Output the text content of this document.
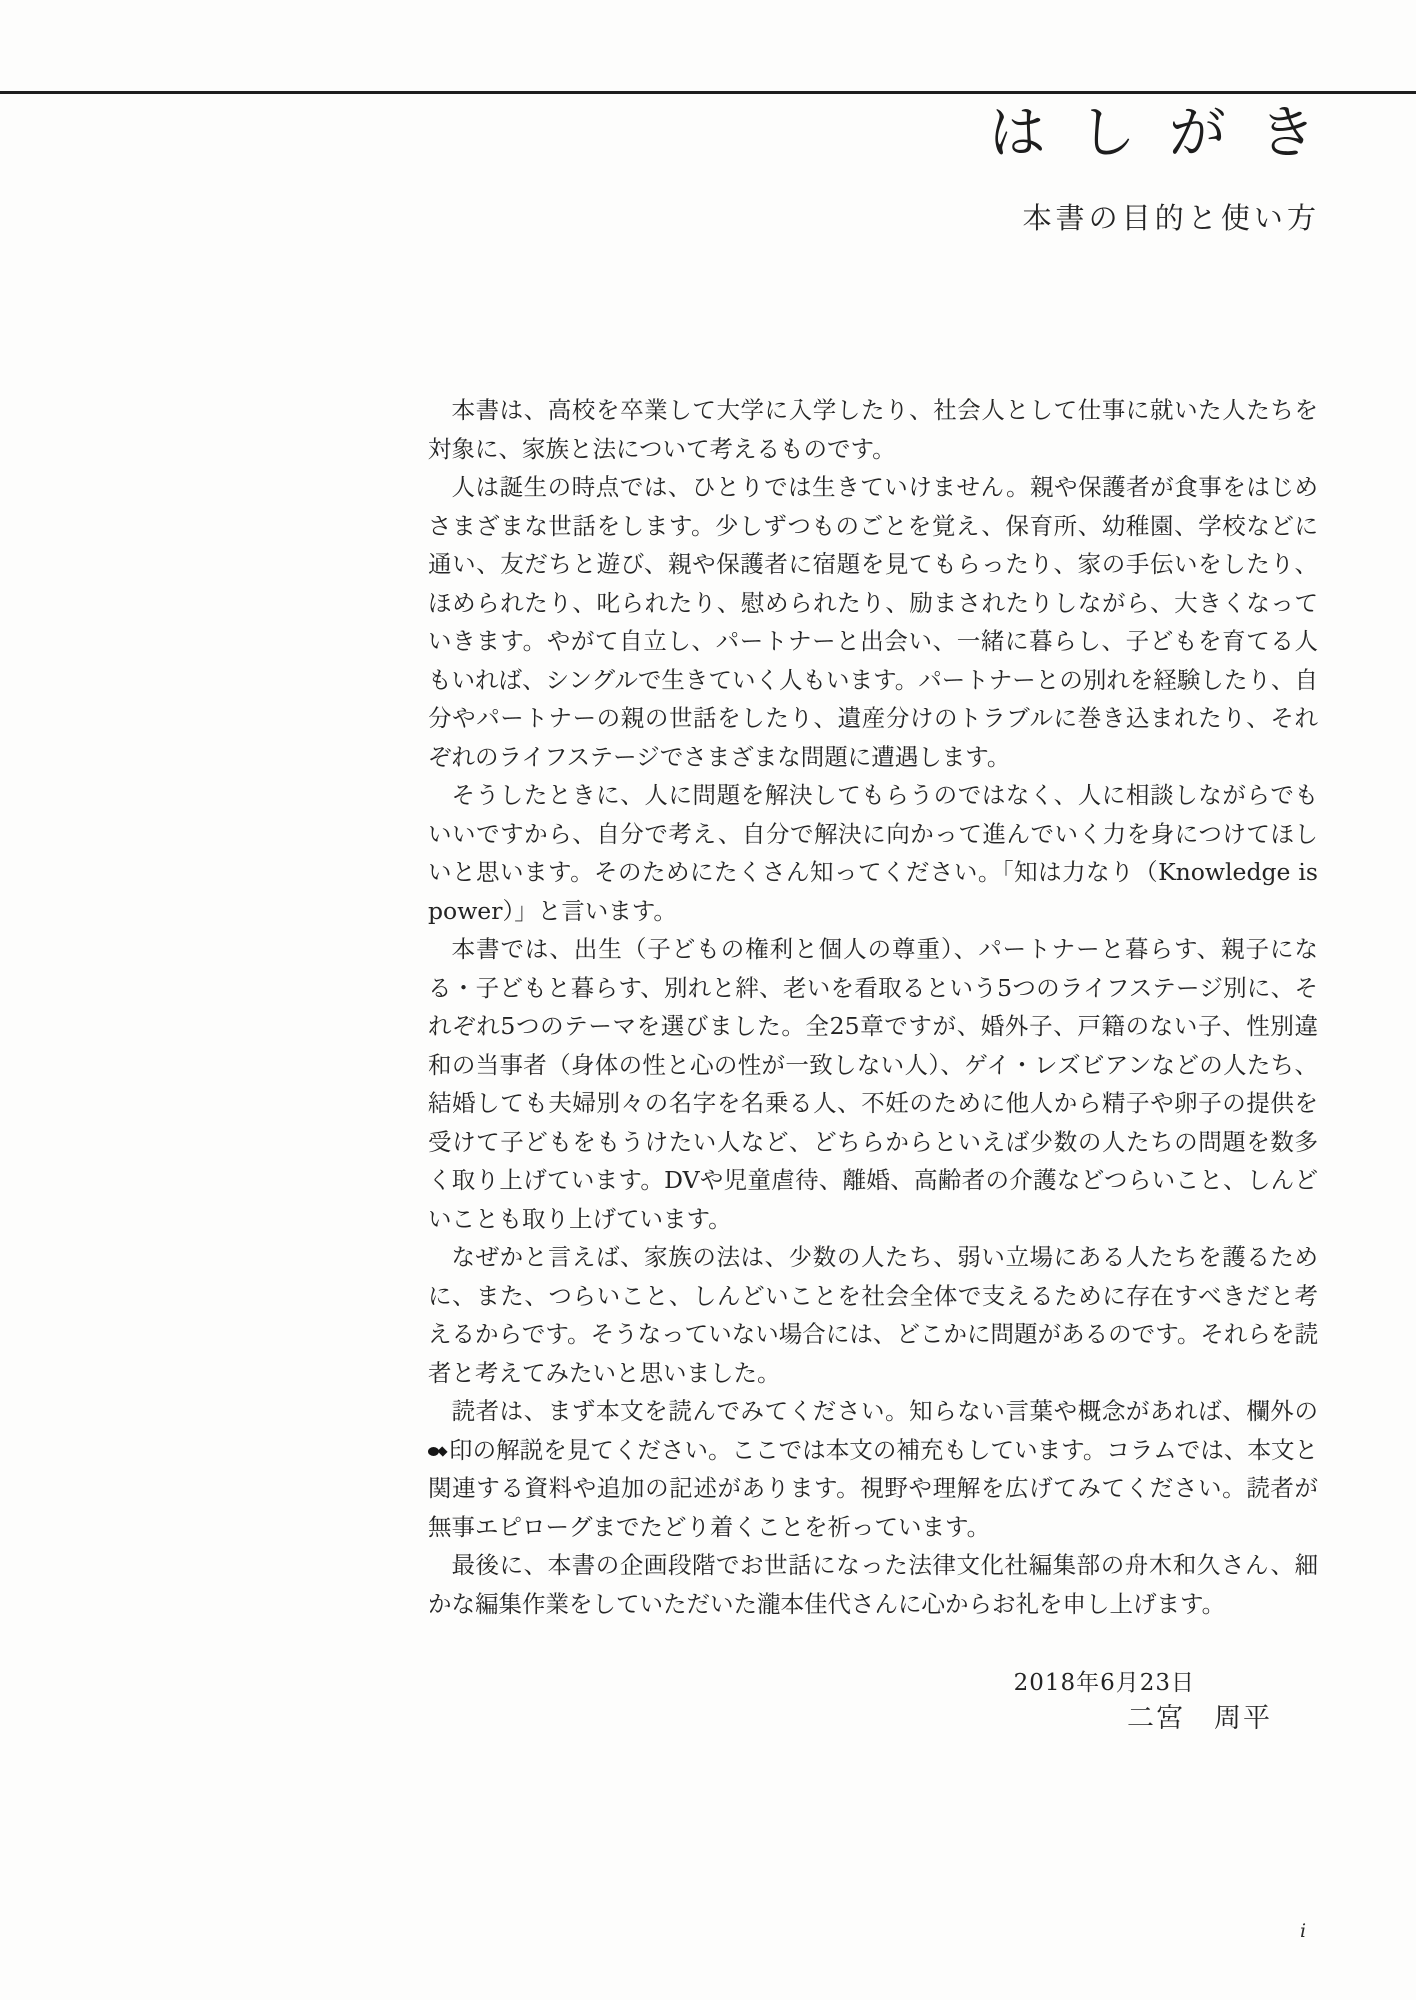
はしがき
本書の目的と使い方

本書は、高校を卒業して大学に入学したり、社会人として仕事に就いた人たちを対象に、家族と法について考えるものです。

人は誕生の時点では、ひとりでは生きていけません。親や保護者が食事をはじめさまざまな世話をします。少しずつものごとを覚え、保育所、幼稚園、学校などに通い、友だちと遊び、親や保護者に宿題を見てもらったり、家の手伝いをしたり、ほめられたり、叱られたり、慰められたり、励まされたりしながら、大きくなっていきます。やがて自立し、パートナーと出会い、一緒に暮らし、子どもを育てる人もいれば、シングルで生きていく人もいます。パートナーとの別れを経験したり、自分やパートナーの親の世話をしたり、遺産分けのトラブルに巻き込まれたり、それぞれのライフステージでさまざまな問題に遭遇します。

そうしたときに、人に問題を解決してもらうのではなく、人に相談しながらでもいいですから、自分で考え、自分で解決に向かって進んでいく力を身につけてほしいと思います。そのためにたくさん知ってください。「知は力なり（Knowledge is power）」と言います。

本書では、出生（子どもの権利と個人の尊重）、パートナーと暮らす、親子になる・子どもと暮らす、別れと絆、老いを看取るという5つのライフステージ別に、それぞれ5つのテーマを選びました。全25章ですが、婚外子、戸籍のない子、性別違和の当事者（身体の性と心の性が一致しない人）、ゲイ・レズビアンなどの人たち、結婚しても夫婦別々の名字を名乗る人、不妊のために他人から精子や卵子の提供を受けて子どもをもうけたい人など、どちらからといえば少数の人たちの問題を数多く取り上げています。DVや児童虐待、離婚、高齢者の介護などつらいこと、しんどいことも取り上げています。

なぜかと言えば、家族の法は、少数の人たち、弱い立場にある人たちを護るために、また、つらいこと、しんどいことを社会全体で支えるために存在すべきだと考えるからです。そうなっていない場合には、どこかに問題があるのです。それらを読者と考えてみたいと思いました。

読者は、まず本文を読んでみてください。知らない言葉や概念があれば、欄外の
印の解説を見てください。ここでは本文の補充もしています。コラムでは、本文と関連する資料や追加の記述があります。視野や理解を広げてみてください。読者が無事エピローグまでたどり着くことを祈っています。

最後に、本書の企画段階でお世話になった法律文化社編集部の舟木和久さん、細かな編集作業をしていただいた瀧本佳代さんに心からお礼を申し上げます。

2018年6月23日
二宮　周平
i
